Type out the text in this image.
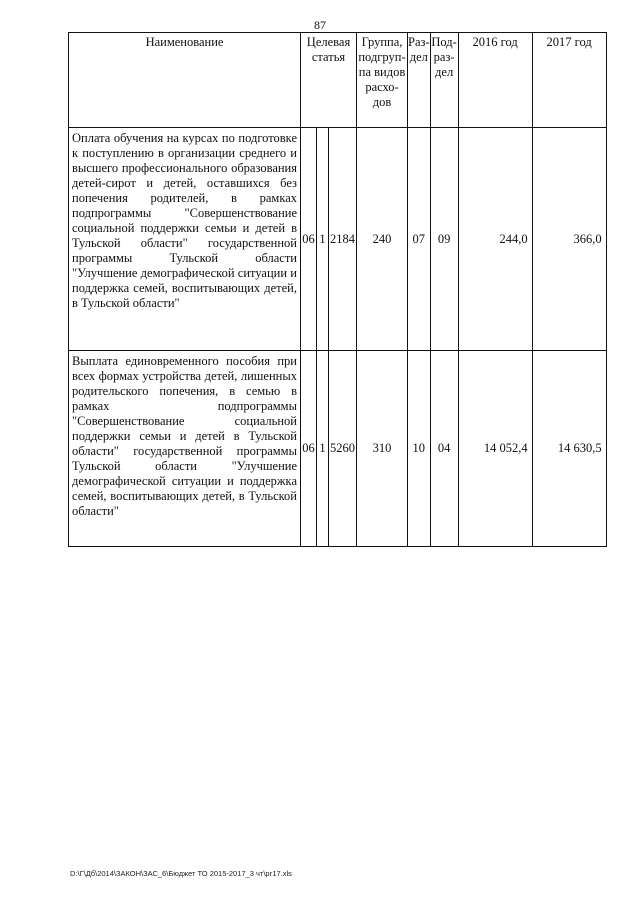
87
Наименование	Целевая статья			Группа, подгруп-па видов расхо-дов	Раз-дел	Под-раз-дел	2016 год	2017 год
Оплата обучения на курсах по подготовке к поступлению в организации среднего и высшего профессионального образования детей-сирот и детей, оставшихся без попечения родителей, в рамках подпрограммы "Совершенствование социальной поддержки семьи и детей в Тульской области" государственной программы Тульской области "Улучшение демографической ситуации и поддержка семей, воспитывающих детей, в Тульской области"	06	1	2184	240	07	09	244,0	366,0
Выплата единовременного пособия при всех формах устройства детей, лишенных родительского попечения, в семью в рамках подпрограммы "Совершенствование социальной поддержки семьи и детей в Тульской области" государственной программы Тульской области "Улучшение демографической ситуации и поддержка семей, воспитывающих детей, в Тульской области"	06	1	5260	310	10	04	14 052,4	14 630,5
D:\Г\Дб\2014\ЗАКОН\ЗАС_6\Бюджет ТО 2015-2017_3 чт\рг17.xls
